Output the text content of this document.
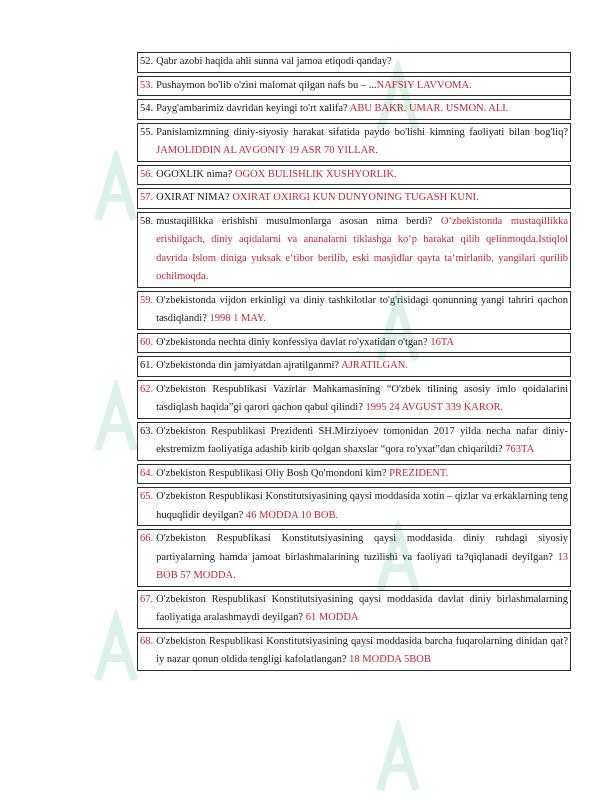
52. Qabr azobi haqida ahli sunna val jamoa etiqodi qanday?
53. Pushaymon bo'lib o'zini malomat qilgan nafs bu – ...NAFSIY LAVVOMA.
54. Payg'ambarimiz davridan keyingi to'rt xalifa? ABU BAKR. UMAR. USMON. ALI.
55. Panislamizmning diniy-siyosiy harakat sifatida paydo bo'lishi kimning faoliyati bilan bog'liq? JAMOLIDDIN AL AVGONIY 19 ASR 70 YILLAR.
56. OGOXLIK nima? OGOX BULISHLIK XUSHYORLIK.
57. OXIRAT NIMA? OXIRAT OXIRGI KUN DUNYONING TUGASH KUNI.
58. mustaqillikka erishishi musulmonlarga asosan nima berdi? O‘zbekistonda mustaqillikka erishilgach, diniy aqidalarni va ananalarni tiklashga ko‘p harakat qilib qelinmoqda.Istiqlol davrida Islom diniga yuksak e‘tibor berilib, eski masjidlar qayta ta‘mirlanib, yangilari qurilib ochilmoqda.
59. O'zbekistonda vijdon erkinligi va diniy tashkilotlar to'g'risidagi qonunning yangi tahriri qachon tasdiqlandi? 1998 1 MAY.
60. O'zbekistonda nechta diniy konfessiya davlat ro'yxatidan o'tgan? 16TA
61. O'zbekistonda din jamiyatdan ajratilganmi? AJRATILGAN.
62. O'zbekiston Respublikasi Vazirlar Mahkamasining “O'zbek tilining asosiy imlo qoidalarini tasdiqlash haqida”gi qarori qachon qabul qilindi? 1995 24 AVGUST 339 KAROR.
63. O'zbekiston Respublikasi Prezidenti SH.Mirziyoev tomonidan 2017 yilda necha nafar diniy-ekstremizm faoliyatiga adashib kirib qolgan shaxslar “qora ro'yxat”dan chiqarildi? 763TA
64. O'zbekiston Respublikasi Oliy Bosh Qo'mondoni kim? PREZIDENT.
65. O'zbekiston Respublikasi Konstitutsiyasining qaysi moddasida xotin – qizlar va erkaklarning teng huquqlidir deyilgan? 46 MODDA 10 BOB.
66. O'zbekiston Respublikasi Konstitutsiyasining qaysi moddasida diniy ruhdagi siyosiy partiyalarning hamda jamoat birlashmalarining tuzilishi va faoliyati ta?qiqlanadi deyilgan? 13 BOB 57 MODDA.
67. O'zbekiston Respublikasi Konstitutsiyasining qaysi moddasida davlat diniy birlashmalarning faoliyatiga aralashmaydi deyilgan? 61 MODDA
68. O'zbekiston Respublikasi Konstitutsiyasining qaysi moddasida barcha fuqarolarning dinidan qat?iy nazar qonun oldida tengligi kafolatlangan? 18 MODDA 5BOB
